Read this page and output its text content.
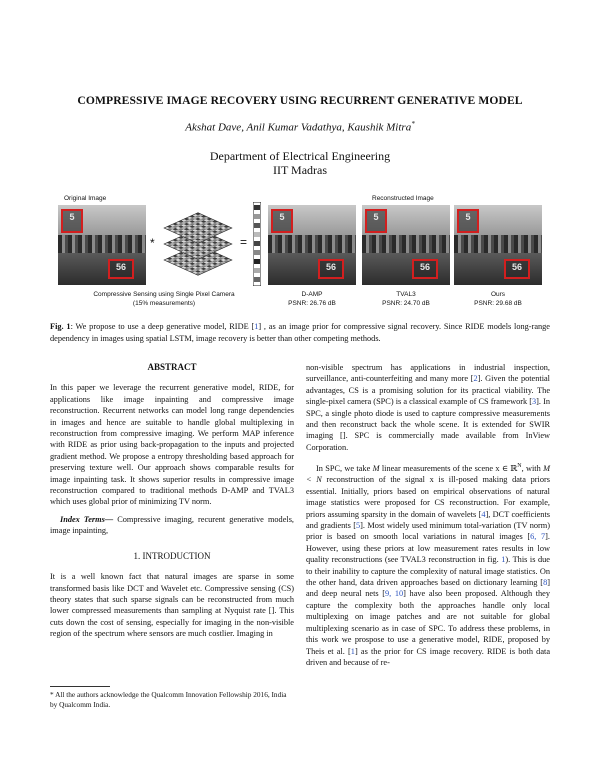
COMPRESSIVE IMAGE RECOVERY USING RECURRENT GENERATIVE MODEL
Akshat Dave, Anil Kumar Vadathya, Kaushik Mitra*
Department of Electrical Engineering
IIT Madras
Original Image	Reconstructed Image
5
56
*	=
Compressive Sensing using Single Pixel Camera
(15% measurements)
5
56
5
56
5
56
D-AMP
PSNR: 26.76 dB
TVAL3
PSNR: 24.70 dB
Ours
PSNR: 29.68 dB
Fig. 1: We propose to use a deep generative model, RIDE [1] , as an image prior for compressive signal recovery. Since RIDE models long-range dependency in images using spatial LSTM, image recovery is better than other competing methods.

ABSTRACT

In this paper we leverage the recurrent generative model, RIDE, for applications like image inpainting and compressive image reconstruction. Recurrent networks can model long range dependencies in images and hence are suitable to handle global multiplexing in reconstruction from compressive imaging. We perform MAP inference with RIDE as prior using back-propagation to the inputs and projected gradient method. We propose a entropy thresholding based approach for preserving texture well. Our approach shows comparable results for image inpainting task. It shows superior results in compressive image reconstruction compared to traditional methods D-AMP and TVAL3 which uses global prior of minimizing TV norm.

Index Terms— Compressive imaging, recurent generative models, image inpainting,

1. INTRODUCTION

It is a well known fact that natural images are sparse in some transformed basis like DCT and Wavelet etc. Compressive sensing (CS) theory states that such sparse signals can be reconstructed from much lower compressed measurements than sampling at Nyquist rate []. This cuts down the cost of sensing, especially for imaging in the non-visible region of the spectrum where sensors are much costlier. Imaging in

* All the authors acknowledge the Qualcomm Innovation Fellowship 2016, India by Qualcomm India.

non-visible spectrum has applications in industrial inspection, surveillance, anti-counterfeiting and many more [2]. Given the potential advantages, CS is a promising solution for its practical viability. The single-pixel camera (SPC) is a classical example of CS framework [3]. In SPC, a single photo diode is used to capture compressive measurements and then reconstruct back the whole scene. It is extended for SWIR imaging []. SPC is commercially made available from InView Corporation.

In SPC, we take M linear measurements of the scene x ∈ ℝ$^N$, with M < N reconstruction of the signal x is ill-posed making data priors essential. Initially, priors based on empirical observations of natural image statistics were proposed for CS reconstruction. For example, priors assuming sparsity in the domain of wavelets [4], DCT coefficients and gradients [5]. Most widely used minimum total-variation (TV norm) prior is based on smooth local variations in natural images [6, 7]. However, using these priors at low measurement rates results in low quality reconstructions (see TVAL3 reconstruction in fig. 1). This is due to their inability to capture the complexity of natural image statistics. On the other hand, data driven approaches based on dictionary learning [8] and deep neural nets [9, 10] have also been proposed. Although they capture the complexity both the approaches handle only local multiplexing on image patches and are not suitable for global multiplexing scenario as in case of SPC. To address these problems, in this work we prospose to use a generative model, RIDE, proposed by Theis et al. [1] as the prior for CS image recovery. RIDE is both data driven and because of re-
